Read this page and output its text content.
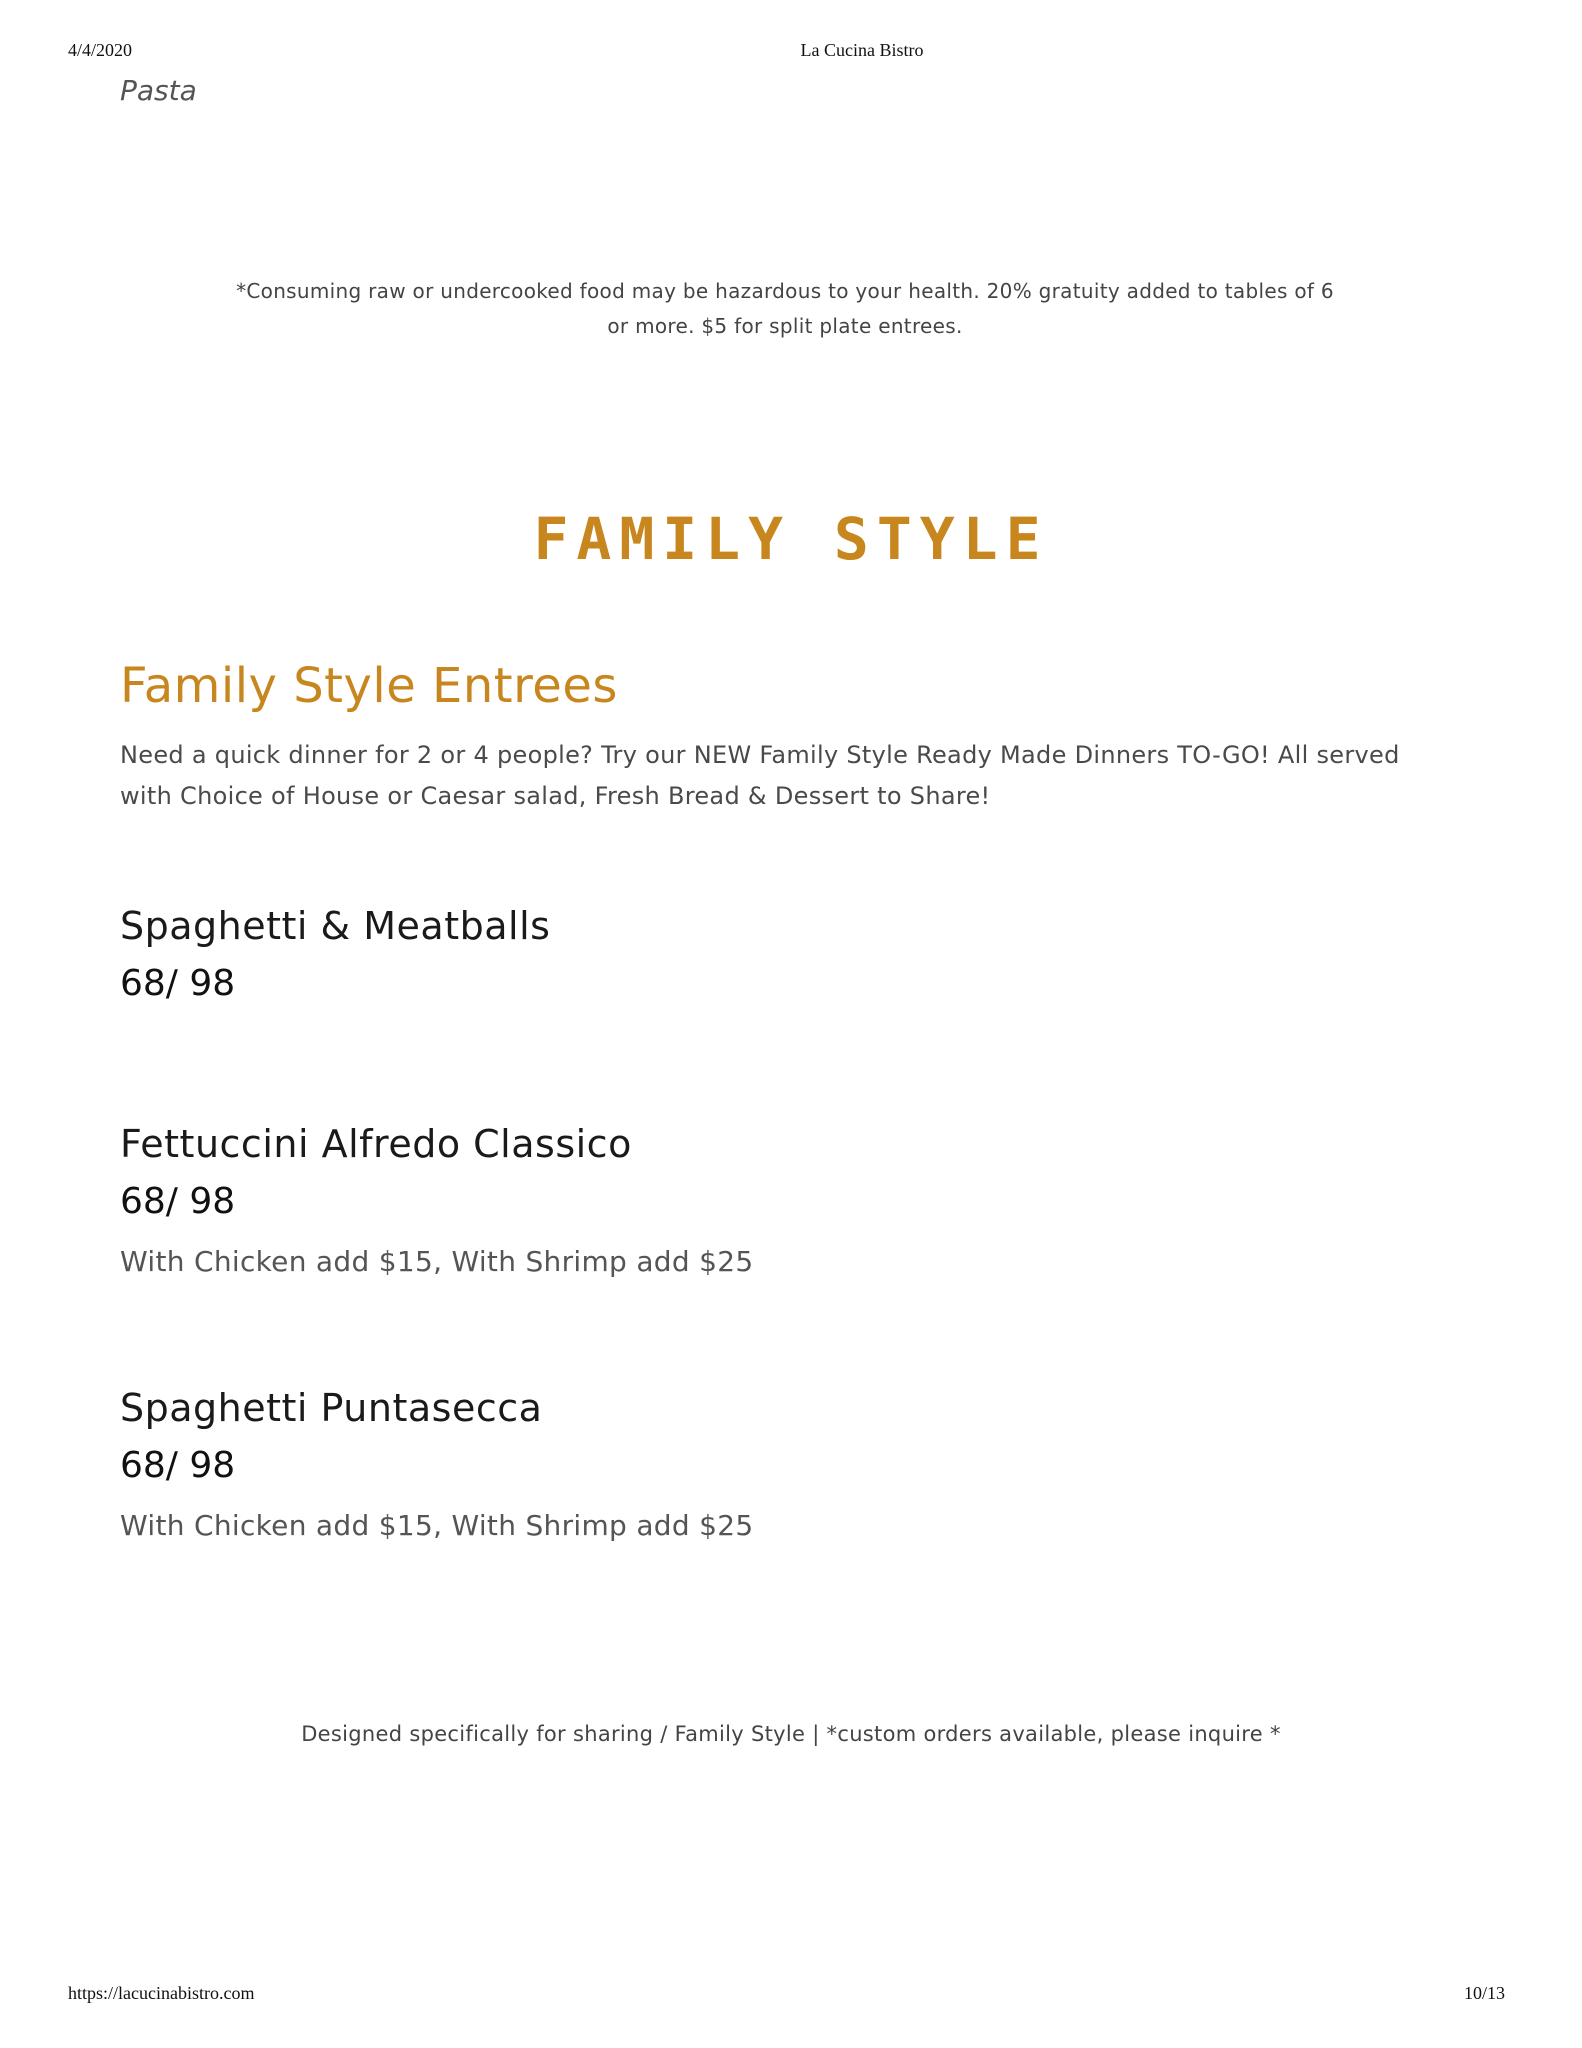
4/4/2020	La Cucina Bistro
Pasta
*Consuming raw or undercooked food may be hazardous to your health. 20% gratuity added to tables of 6 or more. $5 for split plate entrees.
FAMILY STYLE
Family Style Entrees
Need a quick dinner for 2 or 4 people? Try our NEW Family Style Ready Made Dinners TO-GO! All served with Choice of House or Caesar salad, Fresh Bread & Dessert to Share!
Spaghetti & Meatballs
68/ 98
Fettuccini Alfredo Classico
68/ 98
With Chicken add $15, With Shrimp add $25
Spaghetti Puntasecca
68/ 98
With Chicken add $15, With Shrimp add $25
Designed specifically for sharing / Family Style | *custom orders available, please inquire *
https://lacucinabistro.com	10/13
